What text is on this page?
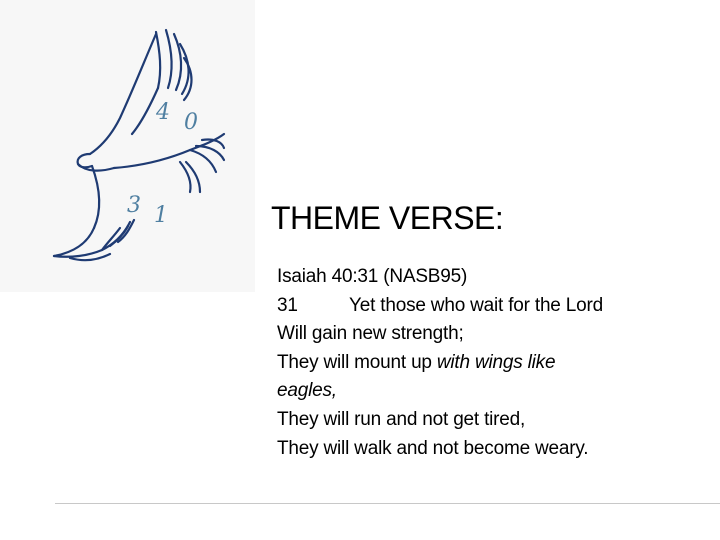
4 0
3 1	THEME VERSE:
Isaiah 40:31 (NASB95)
31	Yet those who wait for the Lord
Will gain new strength;
They will mount up with wings like
eagles,
They will run and not get tired,
They will walk and not become weary.
